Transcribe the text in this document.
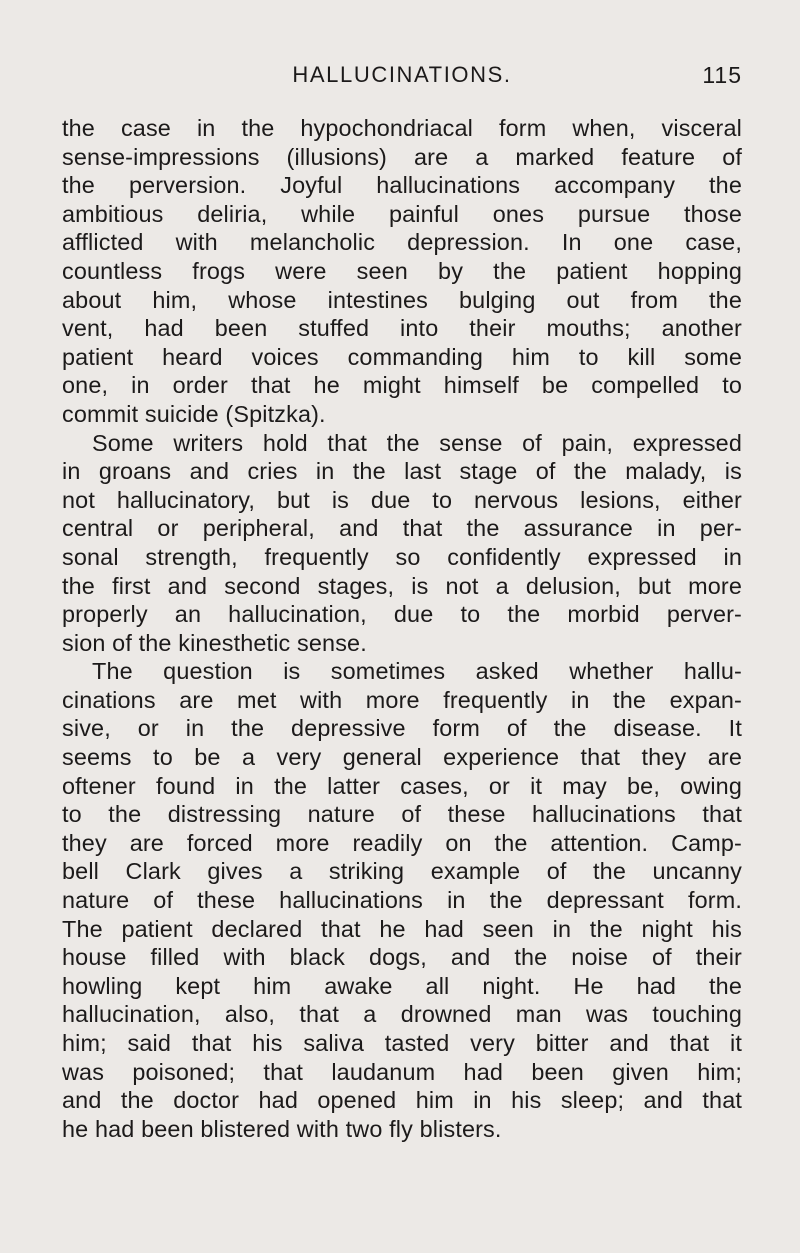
HALLUCINATIONS.	115
the case in the hypochondriacal form when, visceral
sense-impressions (illusions) are a marked feature of
the perversion. Joyful hallucinations accompany the
ambitious deliria, while painful ones pursue those
afflicted with melancholic depression. In one case,
countless frogs were seen by the patient hopping
about him, whose intestines bulging out from the
vent, had been stuffed into their mouths; another
patient heard voices commanding him to kill some
one, in order that he might himself be compelled to
commit suicide (Spitzka).
Some writers hold that the sense of pain, expressed
in groans and cries in the last stage of the malady, is
not hallucinatory, but is due to nervous lesions, either
central or peripheral, and that the assurance in per-
sonal strength, frequently so confidently expressed in
the first and second stages, is not a delusion, but more
properly an hallucination, due to the morbid perver-
sion of the kinesthetic sense.
The question is sometimes asked whether hallu-
cinations are met with more frequently in the expan-
sive, or in the depressive form of the disease. It
seems to be a very general experience that they are
oftener found in the latter cases, or it may be, owing
to the distressing nature of these hallucinations that
they are forced more readily on the attention. Camp-
bell Clark gives a striking example of the uncanny
nature of these hallucinations in the depressant form.
The patient declared that he had seen in the night his
house filled with black dogs, and the noise of their
howling kept him awake all night. He had the
hallucination, also, that a drowned man was touching
him; said that his saliva tasted very bitter and that it
was poisoned; that laudanum had been given him;
and the doctor had opened him in his sleep; and that
he had been blistered with two fly blisters.
